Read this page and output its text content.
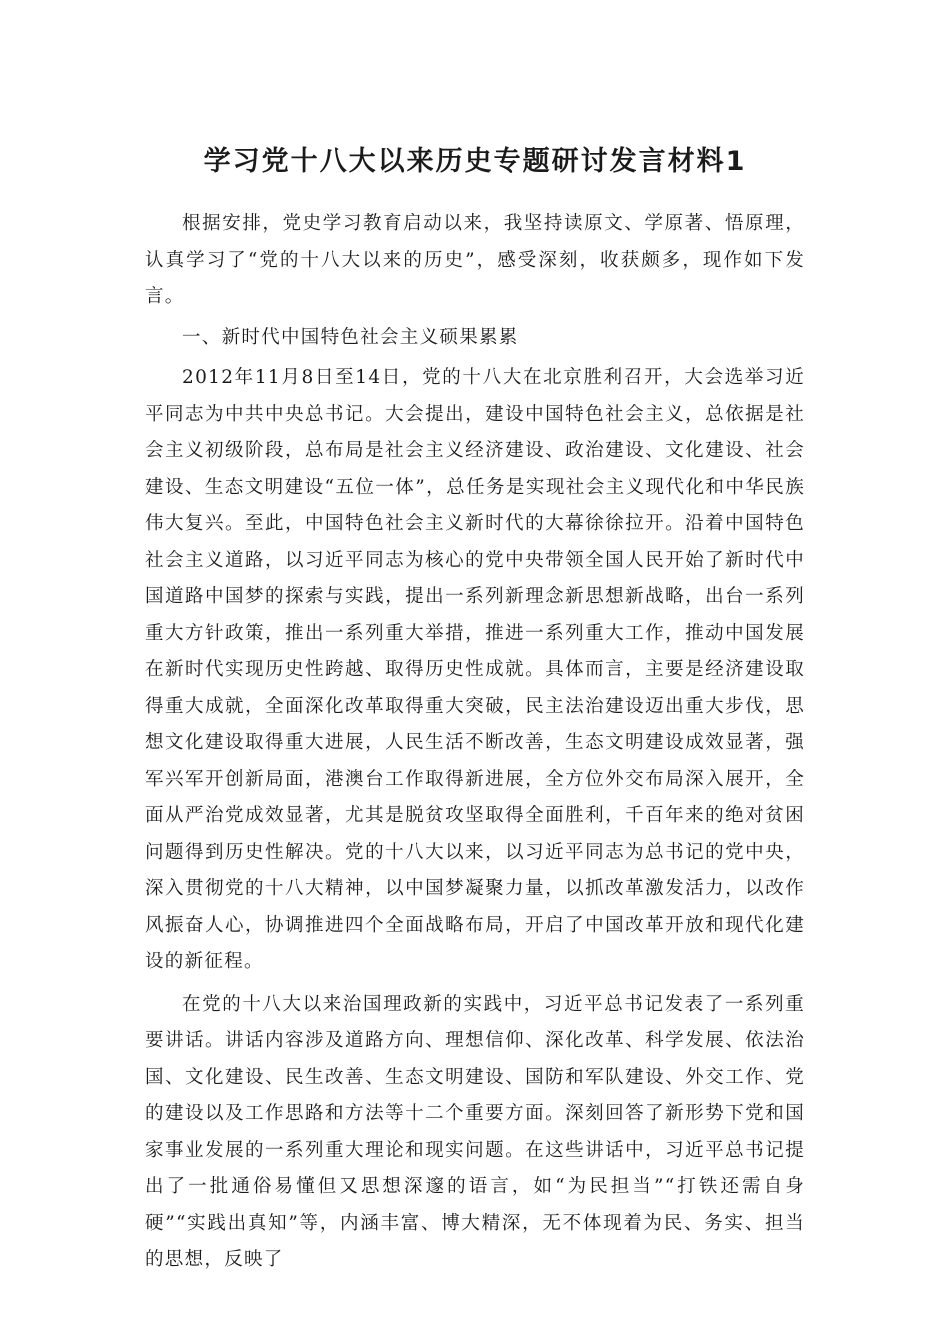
学习党十八大以来历史专题研讨发言材料1

根据安排，党史学习教育启动以来，我坚持读原文、学原著、悟原理，认真学习了“党的十八大以来的历史”，感受深刻，收获颇多，现作如下发言。

一、新时代中国特色社会主义硕果累累

2012年11月8日至14日，党的十八大在北京胜利召开，大会选举习近平同志为中共中央总书记。大会提出，建设中国特色社会主义，总依据是社会主义初级阶段，总布局是社会主义经济建设、政治建设、文化建设、社会建设、生态文明建设“五位一体”，总任务是实现社会主义现代化和中华民族伟大复兴。至此，中国特色社会主义新时代的大幕徐徐拉开。沿着中国特色社会主义道路，以习近平同志为核心的党中央带领全国人民开始了新时代中国道路中国梦的探索与实践，提出一系列新理念新思想新战略，出台一系列重大方针政策，推出一系列重大举措，推进一系列重大工作，推动中国发展在新时代实现历史性跨越、取得历史性成就。具体而言，主要是经济建设取得重大成就，全面深化改革取得重大突破，民主法治建设迈出重大步伐，思想文化建设取得重大进展，人民生活不断改善，生态文明建设成效显著，强军兴军开创新局面，港澳台工作取得新进展，全方位外交布局深入展开，全面从严治党成效显著，尤其是脱贫攻坚取得全面胜利，千百年来的绝对贫困问题得到历史性解决。党的十八大以来，以习近平同志为总书记的党中央，深入贯彻党的十八大精神，以中国梦凝聚力量，以抓改革激发活力，以改作风振奋人心，协调推进四个全面战略布局，开启了中国改革开放和现代化建设的新征程。

在党的十八大以来治国理政新的实践中，习近平总书记发表了一系列重要讲话。讲话内容涉及道路方向、理想信仰、深化改革、科学发展、依法治国、文化建设、民生改善、生态文明建设、国防和军队建设、外交工作、党的建设以及工作思路和方法等十二个重要方面。深刻回答了新形势下党和国家事业发展的一系列重大理论和现实问题。在这些讲话中，习近平总书记提出了一批通俗易懂但又思想深邃的语言，如“为民担当”“打铁还需自身硬”“实践出真知”等，内涵丰富、博大精深，无不体现着为民、务实、担当的思想，反映了
